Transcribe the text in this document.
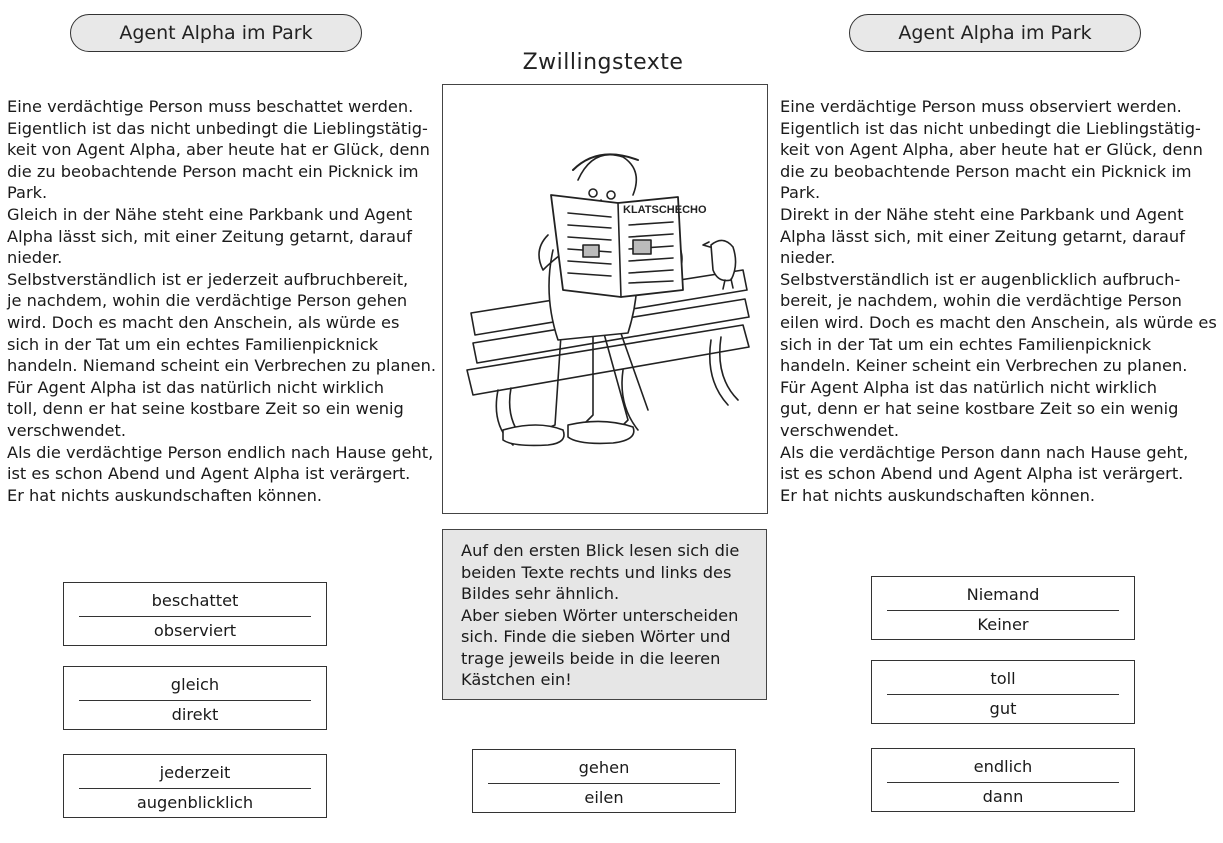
Agent Alpha im Park	Agent Alpha im Park
Zwillingstexte
Eine verdächtige Person muss beschattet werden.
Eigentlich ist das nicht unbedingt die Lieblingstätig-
keit von Agent Alpha, aber heute hat er Glück, denn
die zu beobachtende Person macht ein Picknick im
Park.
Gleich in der Nähe steht eine Parkbank und Agent
Alpha lässt sich, mit einer Zeitung getarnt, darauf
nieder.
Selbstverständlich ist er jederzeit aufbruchbereit,
je nachdem, wohin die verdächtige Person gehen
wird. Doch es macht den Anschein, als würde es
sich in der Tat um ein echtes Familienpicknick
handeln. Niemand scheint ein Verbrechen zu planen.
Für Agent Alpha ist das natürlich nicht wirklich
toll, denn er hat seine kostbare Zeit so ein wenig
verschwendet.
Als die verdächtige Person endlich nach Hause geht,
ist es schon Abend und Agent Alpha ist verärgert.
Er hat nichts auskundschaften können.
Eine verdächtige Person muss observiert werden.
Eigentlich ist das nicht unbedingt die Lieblingstätig-
keit von Agent Alpha, aber heute hat er Glück, denn
die zu beobachtende Person macht ein Picknick im
Park.
Direkt in der Nähe steht eine Parkbank und Agent
Alpha lässt sich, mit einer Zeitung getarnt, darauf
nieder.
Selbstverständlich ist er augenblicklich aufbruch-
bereit, je nachdem, wohin die verdächtige Person
eilen wird. Doch es macht den Anschein, als würde es
sich in der Tat um ein echtes Familienpicknick
handeln. Keiner scheint ein Verbrechen zu planen.
Für Agent Alpha ist das natürlich nicht wirklich
gut, denn er hat seine kostbare Zeit so ein wenig
verschwendet.
Als die verdächtige Person dann nach Hause geht,
ist es schon Abend und Agent Alpha ist verärgert.
Er hat nichts auskundschaften können.
KLATSCHECHO
Auf den ersten Blick lesen sich die
beiden Texte rechts und links des
Bildes sehr ähnlich.
Aber sieben Wörter unterscheiden
sich. Finde die sieben Wörter und
trage jeweils beide in die leeren
Kästchen ein!
beschattet
observiert
gleich
direkt
jederzeit
augenblicklich
gehen
eilen
Niemand
Keiner
toll
gut
endlich
dann
